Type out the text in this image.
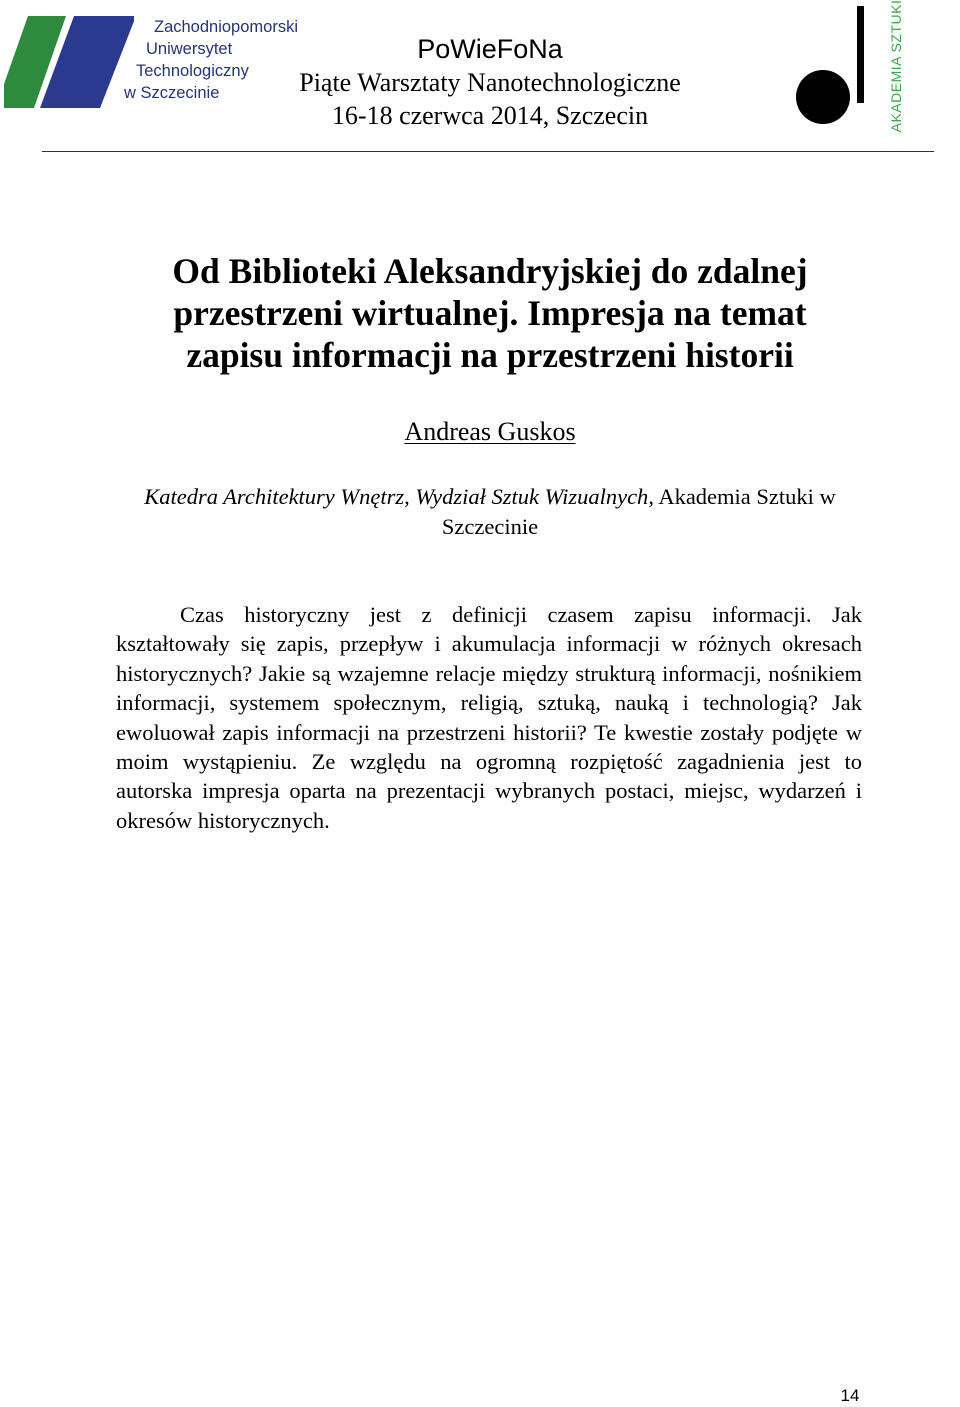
Zachodniopomorski
Uniwersytet
Technologiczny
w Szczecinie
PoWieFoNa
Piąte Warsztaty Nanotechnologiczne
16-18 czerwca 2014, Szczecin	AKADEMIA SZTUKI
Od Biblioteki Aleksandryjskiej do zdalnej przestrzeni wirtualnej. Impresja na temat zapisu informacji na przestrzeni historii
Andreas Guskos
Katedra Architektury Wnętrz, Wydział Sztuk Wizualnych, Akademia Sztuki w Szczecinie

Czas historyczny jest z definicji czasem zapisu informacji. Jak kształtowały się zapis, przepływ i akumulacja informacji w różnych okresach historycznych? Jakie są wzajemne relacje między strukturą informacji, nośnikiem informacji, systemem społecznym, religią, sztuką, nauką i technologią? Jak ewoluował zapis informacji na przestrzeni historii? Te kwestie zostały podjęte w moim wystąpieniu. Ze względu na ogromną rozpiętość zagadnienia jest to autorska impresja oparta na prezentacji wybranych postaci, miejsc, wydarzeń i okresów historycznych.

14
